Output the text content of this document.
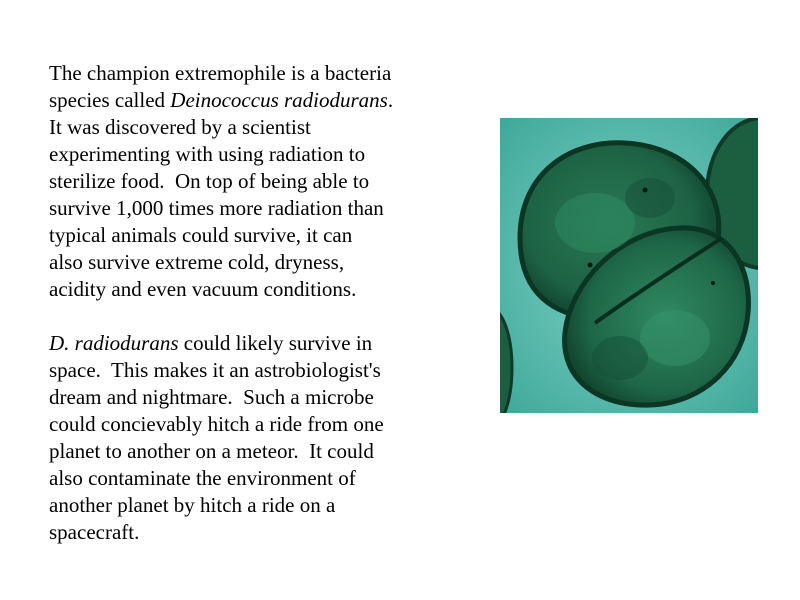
The champion extremophile is a bacteria
species called Deinococcus radiodurans.
It was discovered by a scientist
experimenting with using radiation to
sterilize food.  On top of being able to
survive 1,000 times more radiation than
typical animals could survive, it can
also survive extreme cold, dryness,
acidity and even vacuum conditions.

D. radiodurans could likely survive in
space.  This makes it an astrobiologist's
dream and nightmare.  Such a microbe
could concievably hitch a ride from one
planet to another on a meteor.  It could
also contaminate the environment of
another planet by hitch a ride on a
spacecraft.
